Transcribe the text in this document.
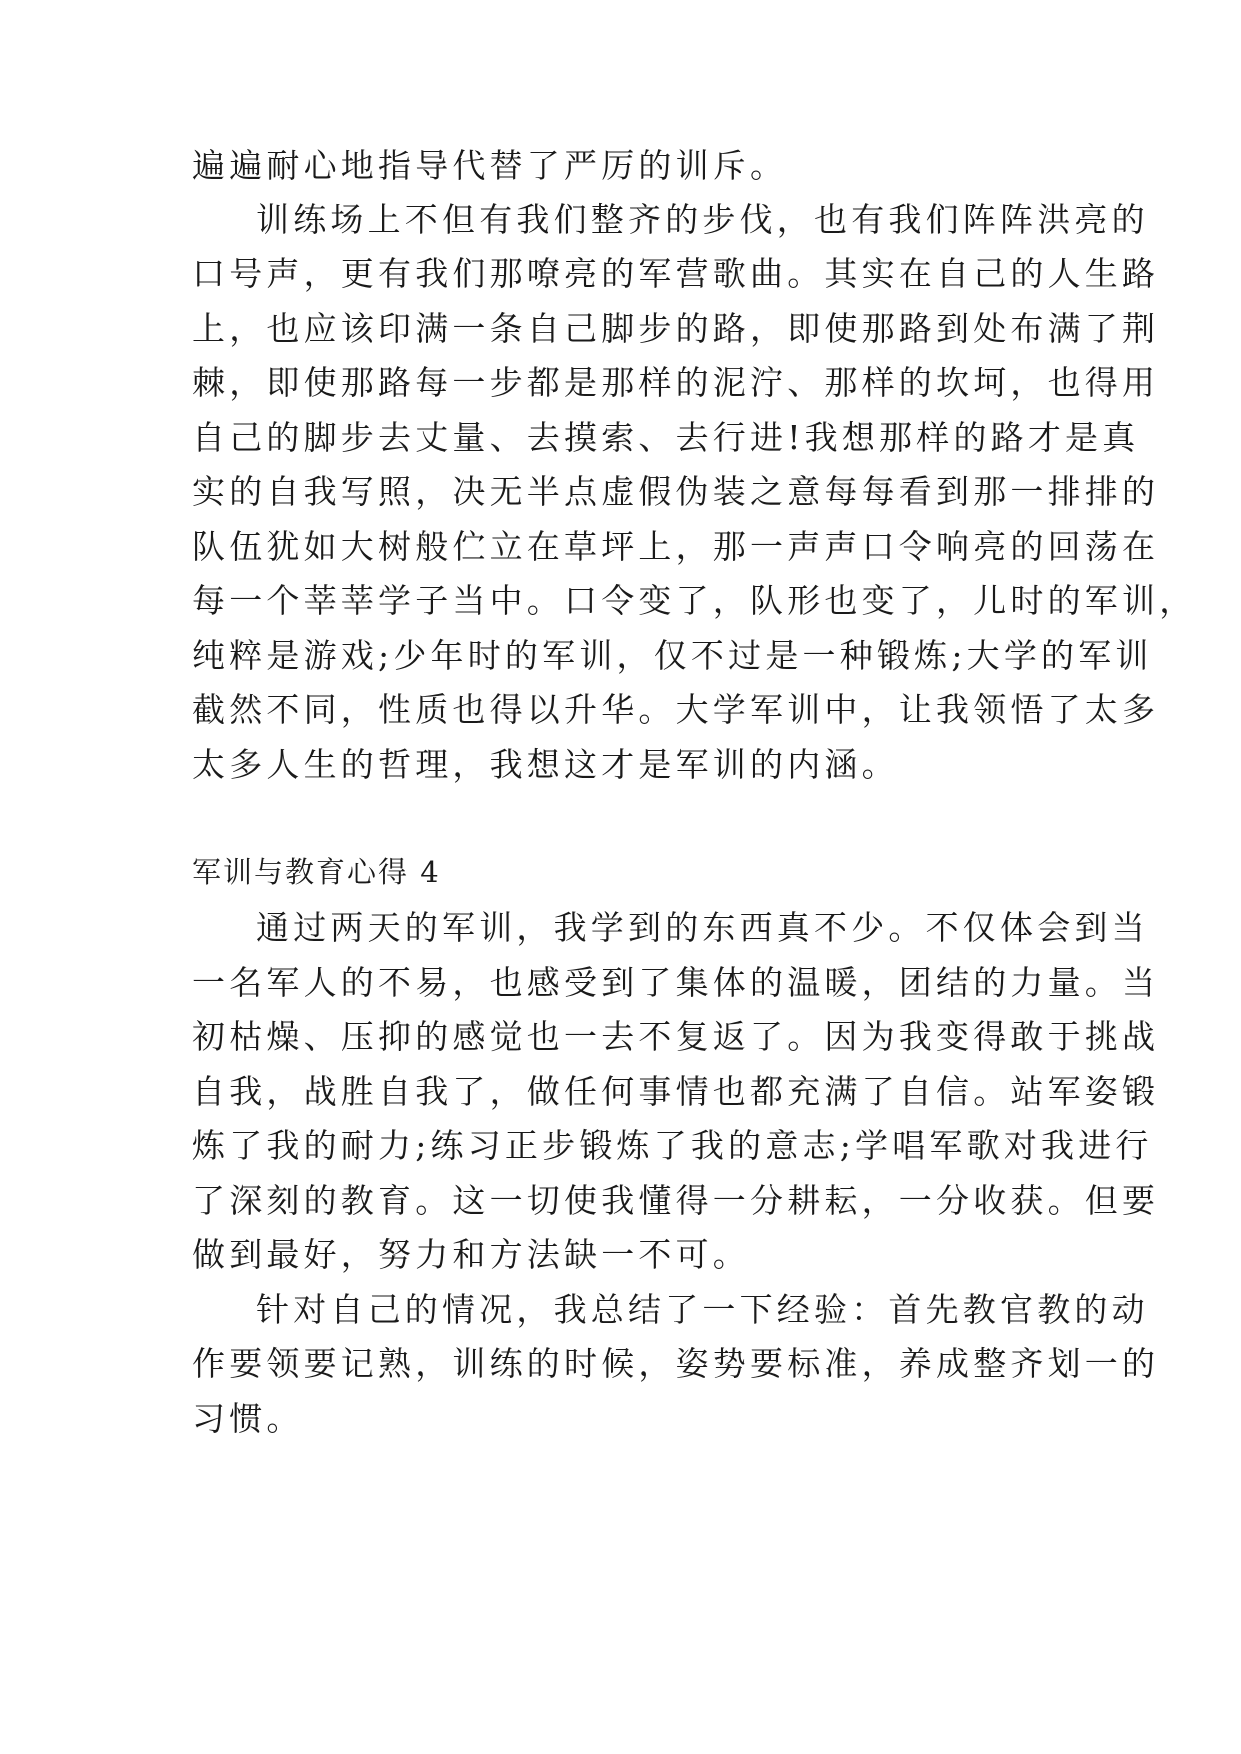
遍遍耐心地指导代替了严厉的训斥。
训练场上不但有我们整齐的步伐，也有我们阵阵洪亮的
口号声，更有我们那嘹亮的军营歌曲。其实在自己的人生路
上，也应该印满一条自己脚步的路，即使那路到处布满了荆
棘，即使那路每一步都是那样的泥泞、那样的坎坷，也得用
自己的脚步去丈量、去摸索、去行进!我想那样的路才是真
实的自我写照，决无半点虚假伪装之意每每看到那一排排的
队伍犹如大树般伫立在草坪上，那一声声口令响亮的回荡在
每一个莘莘学子当中。口令变了，队形也变了，儿时的军训，
纯粹是游戏;少年时的军训，仅不过是一种锻炼;大学的军训
截然不同，性质也得以升华。大学军训中，让我领悟了太多
太多人生的哲理，我想这才是军训的内涵。
军训与教育心得 4
通过两天的军训，我学到的东西真不少。不仅体会到当
一名军人的不易，也感受到了集体的温暖，团结的力量。当
初枯燥、压抑的感觉也一去不复返了。因为我变得敢于挑战
自我，战胜自我了，做任何事情也都充满了自信。站军姿锻
炼了我的耐力;练习正步锻炼了我的意志;学唱军歌对我进行
了深刻的教育。这一切使我懂得一分耕耘，一分收获。但要
做到最好，努力和方法缺一不可。
针对自己的情况，我总结了一下经验：首先教官教的动
作要领要记熟，训练的时候，姿势要标准，养成整齐划一的
习惯。
